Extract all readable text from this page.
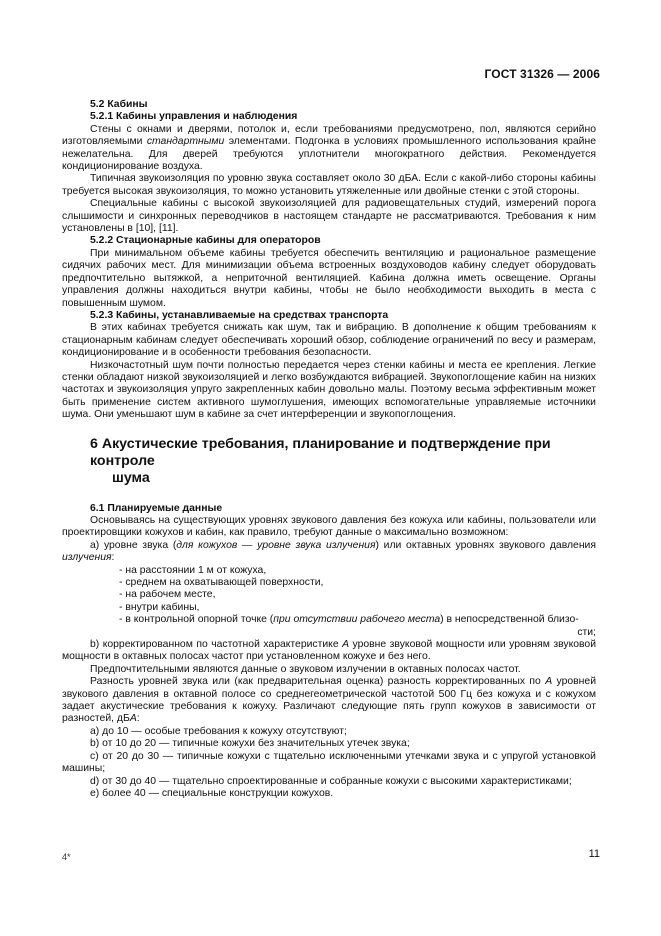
ГОСТ 31326 — 2006

5.2 Кабины

5.2.1 Кабины управления и наблюдения

Стены с окнами и дверями, потолок и, если требованиями предусмотрено, пол, являются серийно изготовляемыми стандартными элементами. Подгонка в условиях промышленного использования крайне нежелательна. Для дверей требуются уплотнители многократного действия. Рекомендуется кондиционирование воздуха.

Типичная звукоизоляция по уровню звука составляет около 30 дБА. Если с какой-либо стороны кабины требуется высокая звукоизоляция, то можно установить утяжеленные или двойные стенки с этой стороны.

Специальные кабины с высокой звукоизоляцией для радиовещательных студий, измерений порога слышимости и синхронных переводчиков в настоящем стандарте не рассматриваются. Требования к ним установлены в [10], [11].

5.2.2 Стационарные кабины для операторов

При минимальном объеме кабины требуется обеспечить вентиляцию и рациональное размещение сидячих рабочих мест. Для минимизации объема встроенных воздуховодов кабину следует оборудовать предпочтительно вытяжкой, а неприточной вентиляцией. Кабина должна иметь освещение. Органы управления должны находиться внутри кабины, чтобы не было необходимости выходить в места с повышенным шумом.

5.2.3 Кабины, устанавливаемые на средствах транспорта

В этих кабинах требуется снижать как шум, так и вибрацию. В дополнение к общим требованиям к стационарным кабинам следует обеспечивать хороший обзор, соблюдение ограничений по весу и размерам, кондиционирование и в особенности требования безопасности.

Низкочастотный шум почти полностью передается через стенки кабины и места ее крепления. Легкие стенки обладают низкой звукоизоляцией и легко возбуждаются вибрацией. Звукопоглощение кабин на низких частотах и звукоизоляция упруго закрепленных кабин довольно малы. Поэтому весьма эффективным может быть применение систем активного шумоглушения, имеющих вспомогательные управляемые источники шума. Они уменьшают шум в кабине за счет интерференции и звукопоглощения.

6 Акустические требования, планирование и подтверждение при контроле
шума

6.1 Планируемые данные

Основываясь на существующих уровнях звукового давления без кожуха или кабины, пользователи или проектировщики кожухов и кабин, как правило, требуют данные о максимально возможном:

a) уровне звука (для кожухов — уровне звука излучения) или октавных уровнях звукового давления излучения:

- на расстоянии 1 м от кожуха,

- среднем на охватывающей поверхности,

- на рабочем месте,

- внутри кабины,

- в контрольной опорной точке (при отсутствии рабочего места) в непосредственной близо-
сти;

b) корректированном по частотной характеристике А уровне звуковой мощности или уровням звуковой мощности в октавных полосах частот при установленном кожухе и без него.

Предпочтительными являются данные о звуковом излучении в октавных полосах частот.

Разность уровней звука или (как предварительная оценка) разность корректированных по А уровней звукового давления в октавной полосе со среднегеометрической частотой 500 Гц без кожуха и с кожухом задает акустические требования к кожуху. Различают следующие пять групп кожухов в зависимости от разностей, дБА:

a) до 10 — особые требования к кожуху отсутствуют;

b) от 10 до 20 — типичные кожухи без значительных утечек звука;

c) от 20 до 30 — типичные кожухи с тщательно исключенными утечками звука и с упругой установкой машины;

d) от 30 до 40 — тщательно спроектированные и собранные кожухи с высокими характеристиками;

e) более 40 — специальные конструкции кожухов.

4*	11
